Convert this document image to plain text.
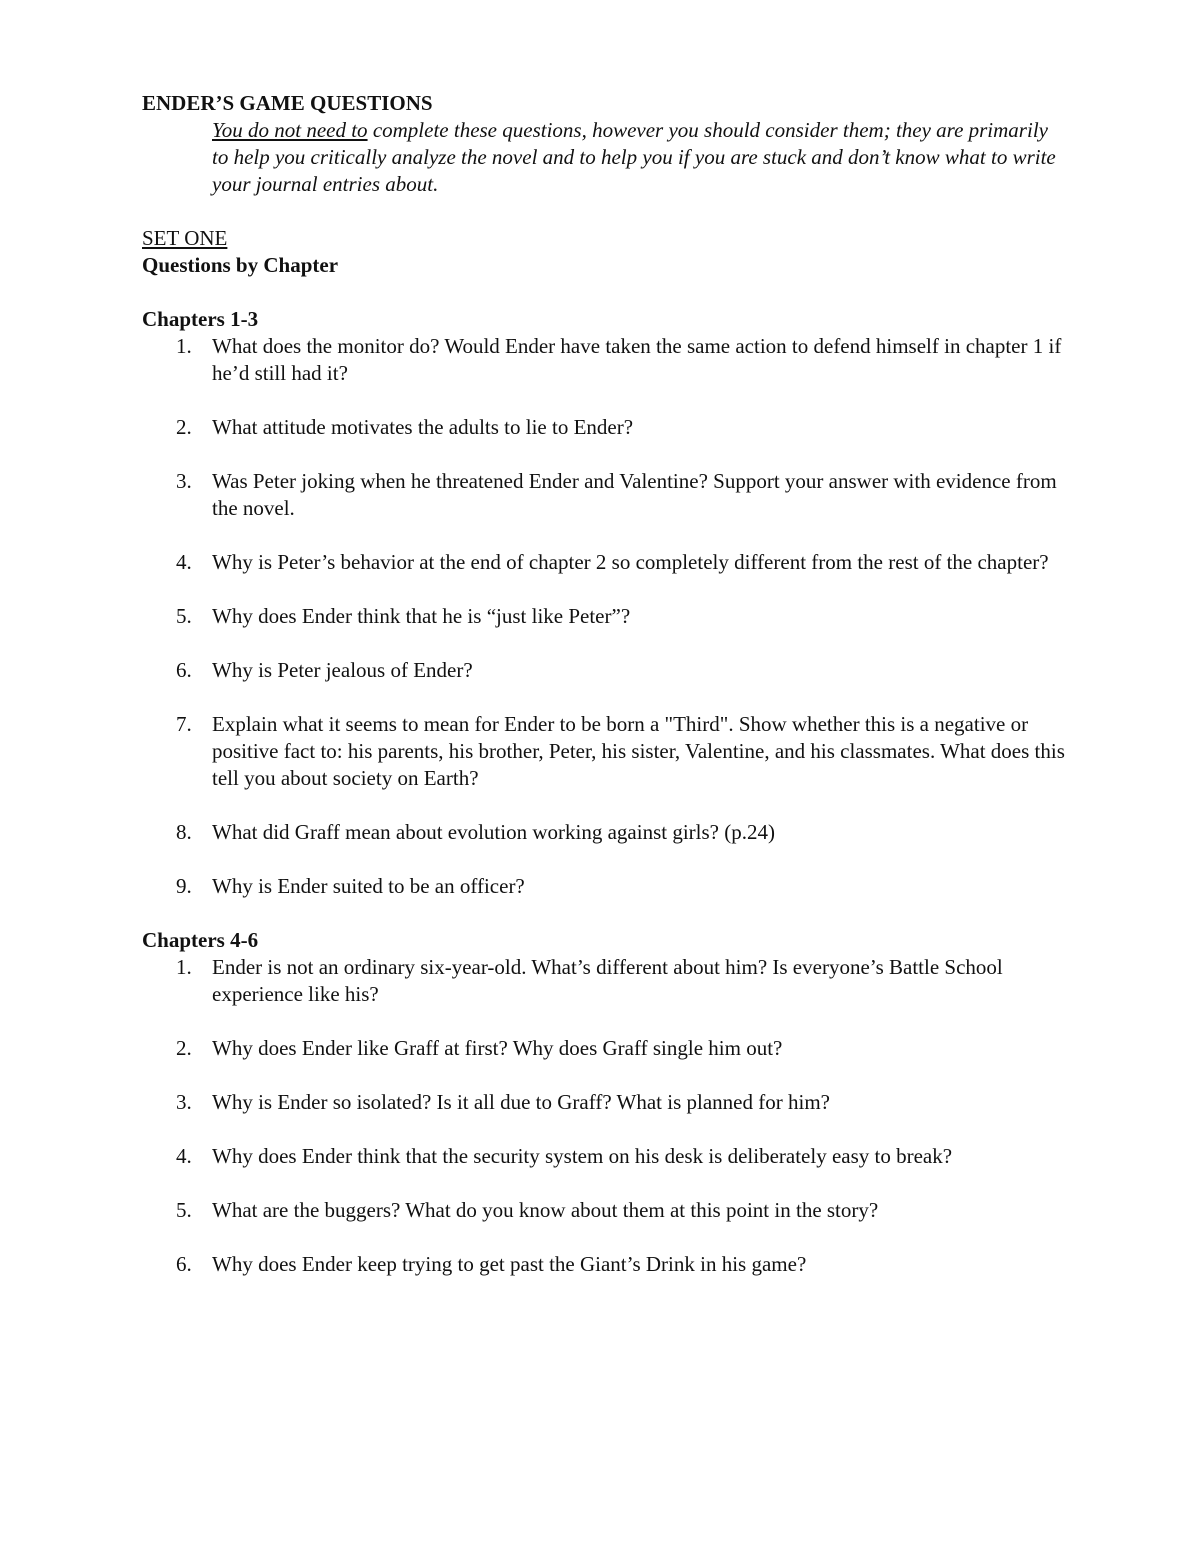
ENDER’S GAME QUESTIONS
You do not need to complete these questions, however you should consider them; they are primarily to help you critically analyze the novel and to help you if you are stuck and don’t know what to write your journal entries about.
SET ONE
Questions by Chapter
Chapters 1-3
1. What does the monitor do? Would Ender have taken the same action to defend himself in chapter 1 if he’d still had it?
2. What attitude motivates the adults to lie to Ender?
3. Was Peter joking when he threatened Ender and Valentine? Support your answer with evidence from the novel.
4. Why is Peter’s behavior at the end of chapter 2 so completely different from the rest of the chapter?
5. Why does Ender think that he is “just like Peter”?
6. Why is Peter jealous of Ender?
7. Explain what it seems to mean for Ender to be born a "Third". Show whether this is a negative or positive fact to: his parents, his brother, Peter, his sister, Valentine, and his classmates. What does this tell you about society on Earth?
8. What did Graff mean about evolution working against girls? (p.24)
9. Why is Ender suited to be an officer?
Chapters 4-6
1. Ender is not an ordinary six-year-old. What’s different about him? Is everyone’s Battle School experience like his?
2. Why does Ender like Graff at first? Why does Graff single him out?
3. Why is Ender so isolated? Is it all due to Graff? What is planned for him?
4. Why does Ender think that the security system on his desk is deliberately easy to break?
5. What are the buggers? What do you know about them at this point in the story?
6. Why does Ender keep trying to get past the Giant’s Drink in his game?
